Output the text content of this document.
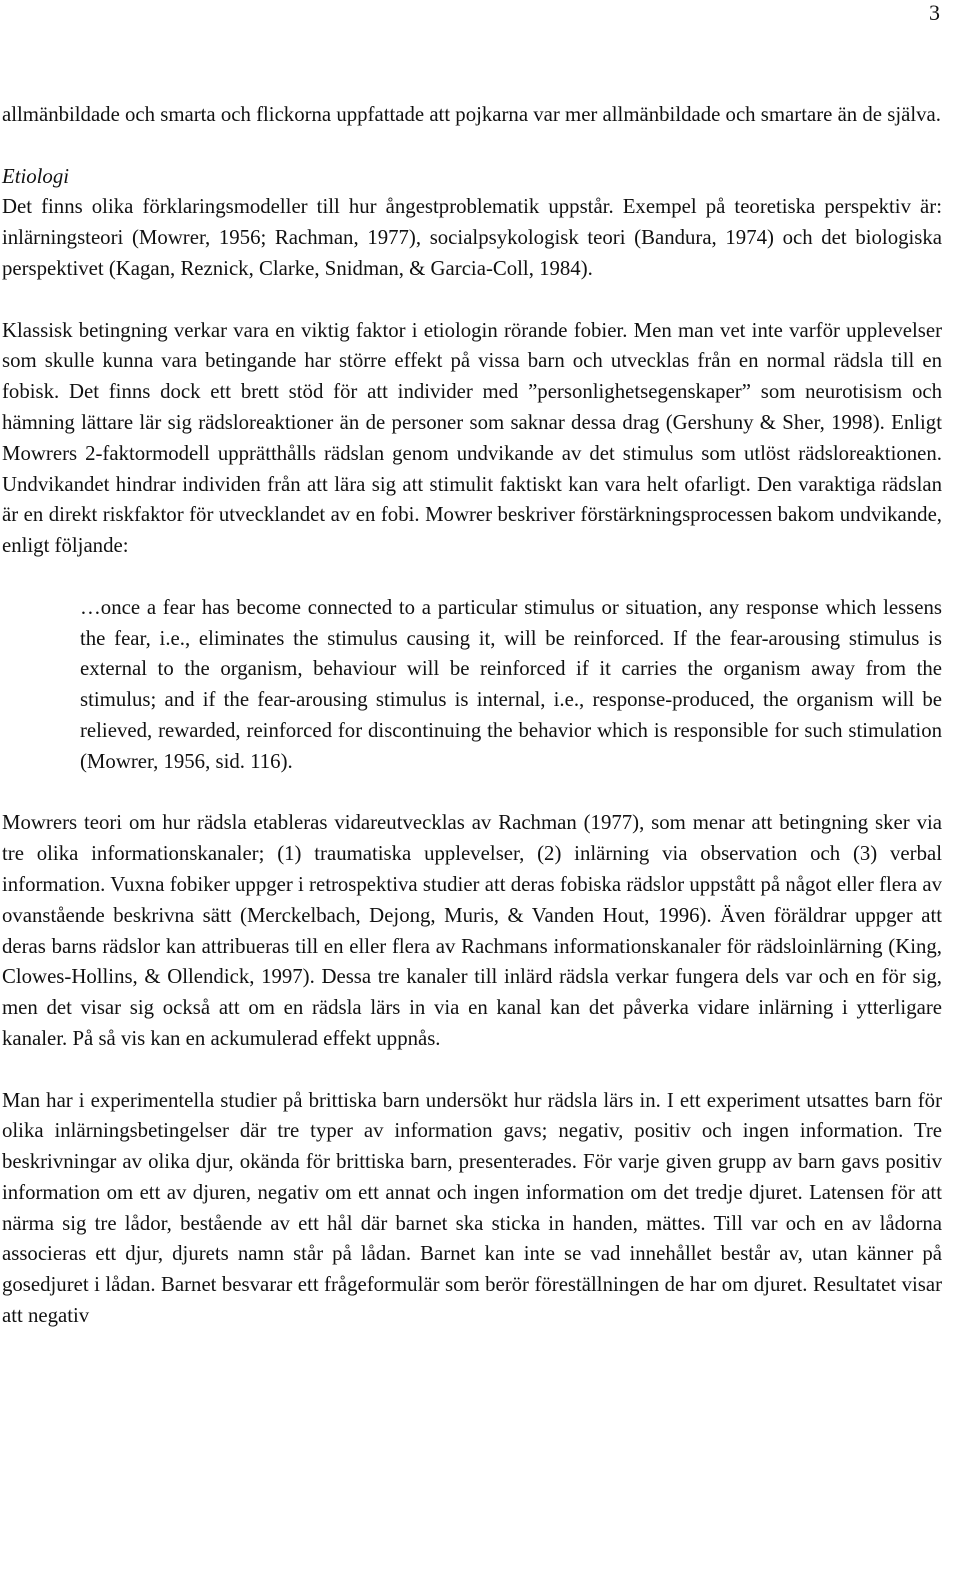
3

allmänbildade och smarta och flickorna uppfattade att pojkarna var mer allmänbildade och smartare än de själva.

Etiologi
Det finns olika förklaringsmodeller till hur ångestproblematik uppstår. Exempel på teoretiska perspektiv är: inlärningsteori (Mowrer, 1956; Rachman, 1977), socialpsykologisk teori (Bandura, 1974) och det biologiska perspektivet (Kagan, Reznick, Clarke, Snidman, & Garcia-Coll, 1984).

Klassisk betingning verkar vara en viktig faktor i etiologin rörande fobier. Men man vet inte varför upplevelser som skulle kunna vara betingande har större effekt på vissa barn och utvecklas från en normal rädsla till en fobisk. Det finns dock ett brett stöd för att individer med ”personlighetsegenskaper” som neurotisism och hämning lättare lär sig rädsloreaktioner än de personer som saknar dessa drag (Gershuny & Sher, 1998). Enligt Mowrers 2-faktormodell upprätthålls rädslan genom undvikande av det stimulus som utlöst rädsloreaktionen. Undvikandet hindrar individen från att lära sig att stimulit faktiskt kan vara helt ofarligt. Den varaktiga rädslan är en direkt riskfaktor för utvecklandet av en fobi. Mowrer beskriver förstärkningsprocessen bakom undvikande, enligt följande:

…once a fear has become connected to a particular stimulus or situation, any response which lessens the fear, i.e., eliminates the stimulus causing it, will be reinforced. If the fear-arousing stimulus is external to the organism, behaviour will be reinforced if it carries the organism away from the stimulus; and if the fear-arousing stimulus is internal, i.e., response-produced, the organism will be relieved, rewarded, reinforced for discontinuing the behavior which is responsible for such stimulation (Mowrer, 1956, sid. 116).

Mowrers teori om hur rädsla etableras vidareutvecklas av Rachman (1977), som menar att betingning sker via tre olika informationskanaler; (1) traumatiska upplevelser, (2) inlärning via observation och (3) verbal information. Vuxna fobiker uppger i retrospektiva studier att deras fobiska rädslor uppstått på något eller flera av ovanstående beskrivna sätt (Merckelbach, Dejong, Muris, & Vanden Hout, 1996). Även föräldrar uppger att deras barns rädslor kan attribueras till en eller flera av Rachmans informationskanaler för rädsloinlärning (King, Clowes-Hollins, & Ollendick, 1997). Dessa tre kanaler till inlärd rädsla verkar fungera dels var och en för sig, men det visar sig också att om en rädsla lärs in via en kanal kan det påverka vidare inlärning i ytterligare kanaler. På så vis kan en ackumulerad effekt uppnås.

Man har i experimentella studier på brittiska barn undersökt hur rädsla lärs in. I ett experiment utsattes barn för olika inlärningsbetingelser där tre typer av information gavs; negativ, positiv och ingen information. Tre beskrivningar av olika djur, okända för brittiska barn, presenterades. För varje given grupp av barn gavs positiv information om ett av djuren, negativ om ett annat och ingen information om det tredje djuret. Latensen för att närma sig tre lådor, bestående av ett hål där barnet ska sticka in handen, mättes. Till var och en av lådorna associeras ett djur, djurets namn står på lådan. Barnet kan inte se vad innehållet består av, utan känner på gosedjuret i lådan. Barnet besvarar ett frågeformulär som berör föreställningen de har om djuret. Resultatet visar att negativ
